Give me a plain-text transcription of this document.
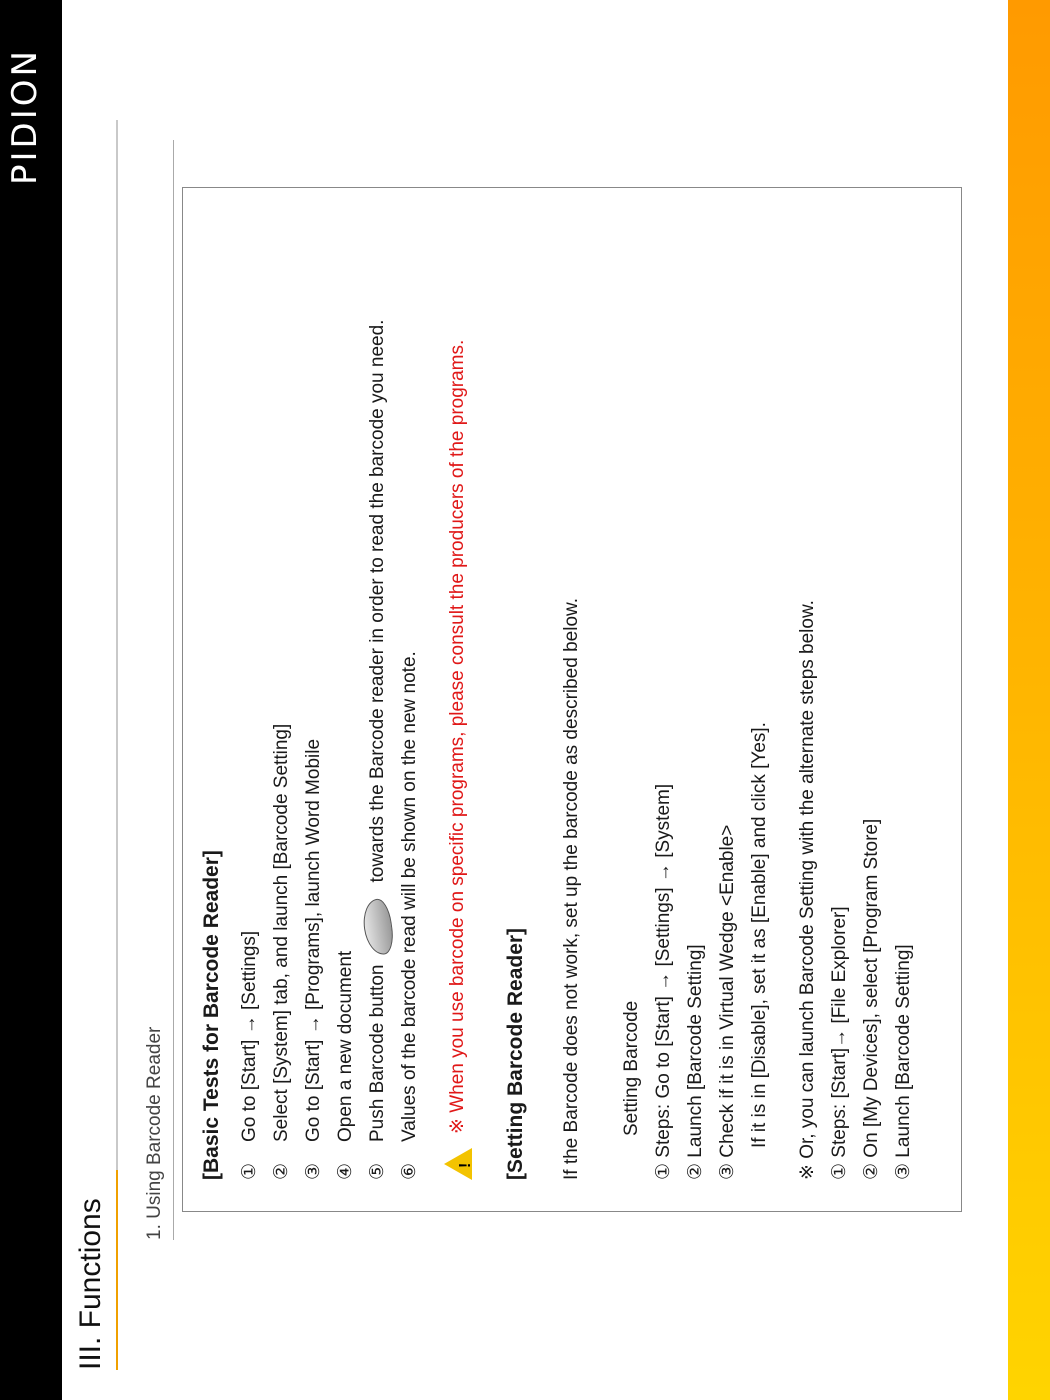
PIDION
III. Functions
1. Using Barcode Reader [Basic Tests for Barcode Reader] ①
Go to [Start] → [Settings]
②
Select [System] tab, and launch [Barcode Setting]
③
Go to [Start] → [Programs], launch Word Mobile
④
Open a new document
⑤
Push Barcode button
towards the Barcode reader in order to read the barcode you need.
⑥
Values of the barcode read will be shown on the new note.
!
※ When you use barcode on specific programs, please consult the producers of the programs. [Setting Barcode Reader] If the Barcode does not work, set up the barcode as described below.	Setting Barcode ① Steps: Go to [Start] → [Settings] → [System] ② Launch [Barcode Setting] ③ Check if it is in Virtual Wedge <Enable> If it is in [Disable], set it as [Enable] and click [Yes].	※ Or, you can launch Barcode Setting with the alternate steps below. ① Steps: [Start]→ [File Explorer] ② On [My Devices], select [Program Store] ③ Launch [Barcode Setting]
